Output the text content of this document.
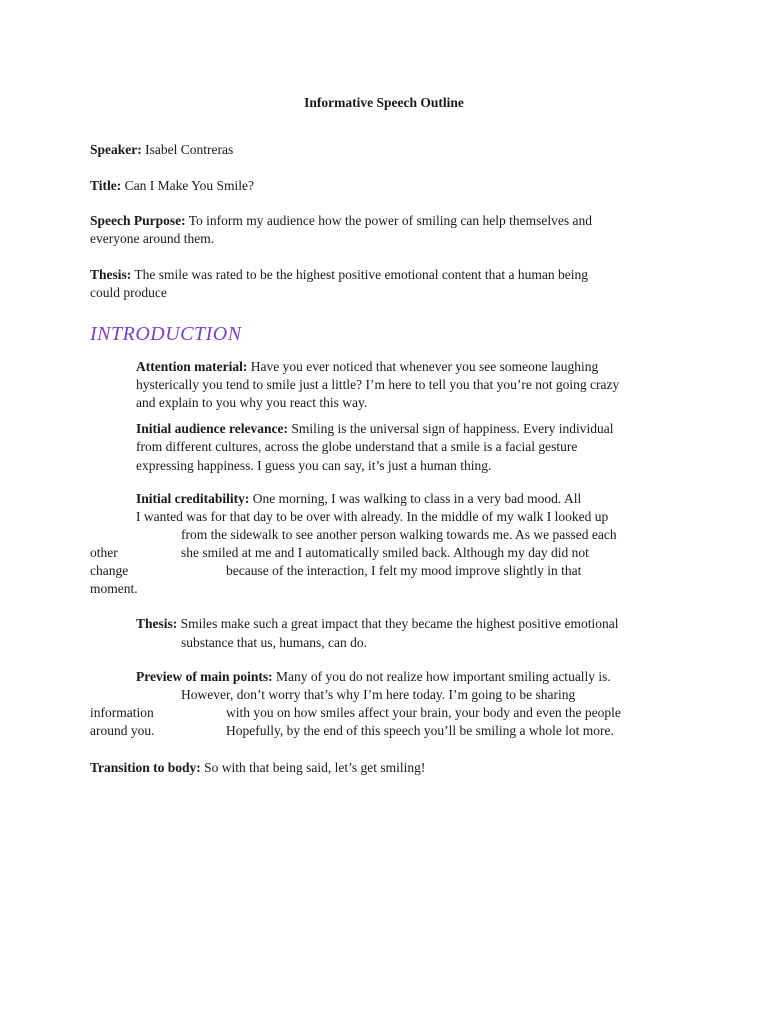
Informative Speech Outline
Speaker: Isabel Contreras
Title: Can I Make You Smile?
Speech Purpose: To inform my audience how the power of smiling can help themselves and
everyone around them.
Thesis: The smile was rated to be the highest positive emotional content that a human being
could produce
INTRODUCTION
Attention material: Have you ever noticed that whenever you see someone laughing
hysterically you tend to smile just a little? I’m here to tell you that you’re not going crazy
and explain to you why you react this way.
Initial audience relevance: Smiling is the universal sign of happiness. Every individual
from different cultures, across the globe understand that a smile is a facial gesture
expressing happiness. I guess you can say, it’s just a human thing.
Initial creditability: One morning, I was walking to class in a very bad mood. All
I wanted was for that day to be over with already. In the middle of my walk I looked up
from the sidewalk to see another person walking towards me. As we passed each
other	she smiled at me and I automatically smiled back. Although my day did not
change	because of the interaction, I felt my mood improve slightly in that
moment.
Thesis: Smiles make such a great impact that they became the highest positive emotional
substance that us, humans, can do.
Preview of main points: Many of you do not realize how important smiling actually is.
However, don’t worry that’s why I’m here today. I’m going to be sharing
information	with you on how smiles affect your brain, your body and even the people
around you.	Hopefully, by the end of this speech you’ll be smiling a whole lot more.
Transition to body: So with that being said, let’s get smiling!
